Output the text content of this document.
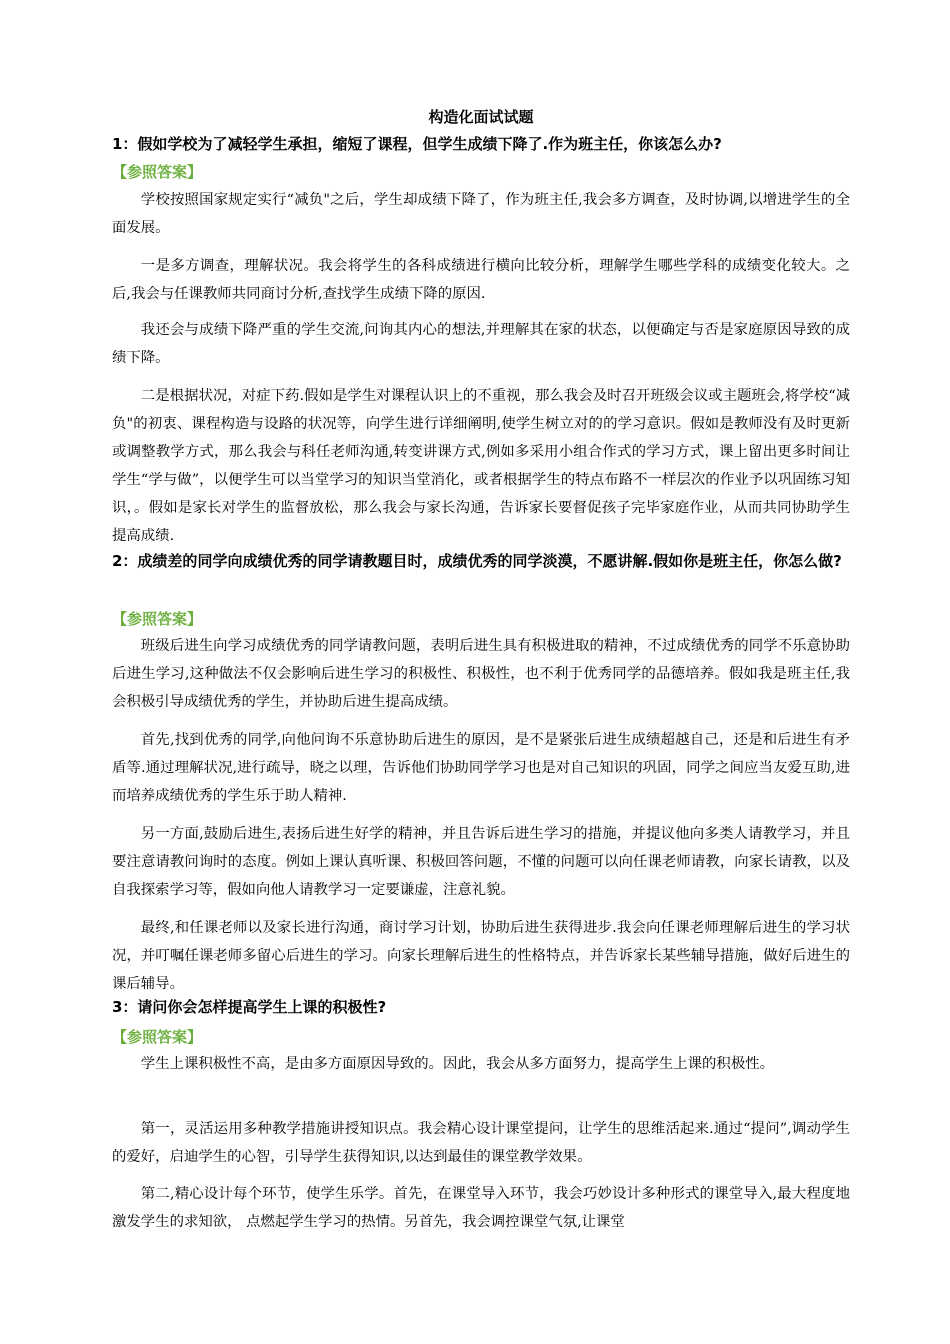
构造化面试试题
1：假如学校为了减轻学生承担，缩短了课程，但学生成绩下降了.作为班主任，你该怎么办?
【参照答案】
学校按照国家规定实行“减负"之后，学生却成绩下降了，作为班主任,我会多方调查，及时协调,以增进学生的全面发展。
一是多方调查，理解状况。我会将学生的各科成绩进行横向比较分析，理解学生哪些学科的成绩变化较大。之后,我会与任课教师共同商讨分析,查找学生成绩下降的原因.
我还会与成绩下降严重的学生交流,问询其内心的想法,并理解其在家的状态，以便确定与否是家庭原因导致的成绩下降。
二是根据状况，对症下药.假如是学生对课程认识上的不重视，那么我会及时召开班级会议或主题班会,将学校“减负"的初衷、课程构造与设路的状况等，向学生进行详细阐明,使学生树立对的的学习意识。假如是教师没有及时更新或调整教学方式，那么我会与科任老师沟通,转变讲课方式,例如多采用小组合作式的学习方式，课上留出更多时间让学生“学与做”，以便学生可以当堂学习的知识当堂消化，或者根据学生的特点布路不一样层次的作业予以巩固练习知识，。假如是家长对学生的监督放松，那么我会与家长沟通，告诉家长要督促孩子完毕家庭作业，从而共同协助学生提高成绩.
2：成绩差的同学向成绩优秀的同学请教题目时，成绩优秀的同学淡漠，不愿讲解.假如你是班主任，你怎么做?
【参照答案】
班级后进生向学习成绩优秀的同学请教问题，表明后进生具有积极进取的精神，不过成绩优秀的同学不乐意协助后进生学习,这种做法不仅会影响后进生学习的积极性、积极性，也不利于优秀同学的品德培养。假如我是班主任,我会积极引导成绩优秀的学生，并协助后进生提高成绩。
首先,找到优秀的同学,向他问询不乐意协助后进生的原因，是不是紧张后进生成绩超越自己，还是和后进生有矛盾等.通过理解状况,进行疏导，晓之以理，告诉他们协助同学学习也是对自己知识的巩固，同学之间应当友爱互助,进而培养成绩优秀的学生乐于助人精神.
另一方面,鼓励后进生,表扬后进生好学的精神，并且告诉后进生学习的措施，并提议他向多类人请教学习，并且要注意请教问询时的态度。例如上课认真听课、积极回答问题，不懂的问题可以向任课老师请教，向家长请教，以及自我探索学习等，假如向他人请教学习一定要谦虚，注意礼貌。
最终,和任课老师以及家长进行沟通，商讨学习计划，协助后进生获得进步.我会向任课老师理解后进生的学习状况，并叮嘱任课老师多留心后进生的学习。向家长理解后进生的性格特点，并告诉家长某些辅导措施，做好后进生的课后辅导。
3：请问你会怎样提高学生上课的积极性?
【参照答案】
学生上课积极性不高，是由多方面原因导致的。因此，我会从多方面努力，提高学生上课的积极性。
第一，灵活运用多种教学措施讲授知识点。我会精心设计课堂提问，让学生的思维活起来.通过“提问”,调动学生的爱好，启迪学生的心智，引导学生获得知识,以达到最佳的课堂教学效果。
第二,精心设计每个环节，使学生乐学。首先，在课堂导入环节，我会巧妙设计多种形式的课堂导入,最大程度地激发学生的求知欲， 点燃起学生学习的热情。另首先，我会调控课堂气氛,让课堂
